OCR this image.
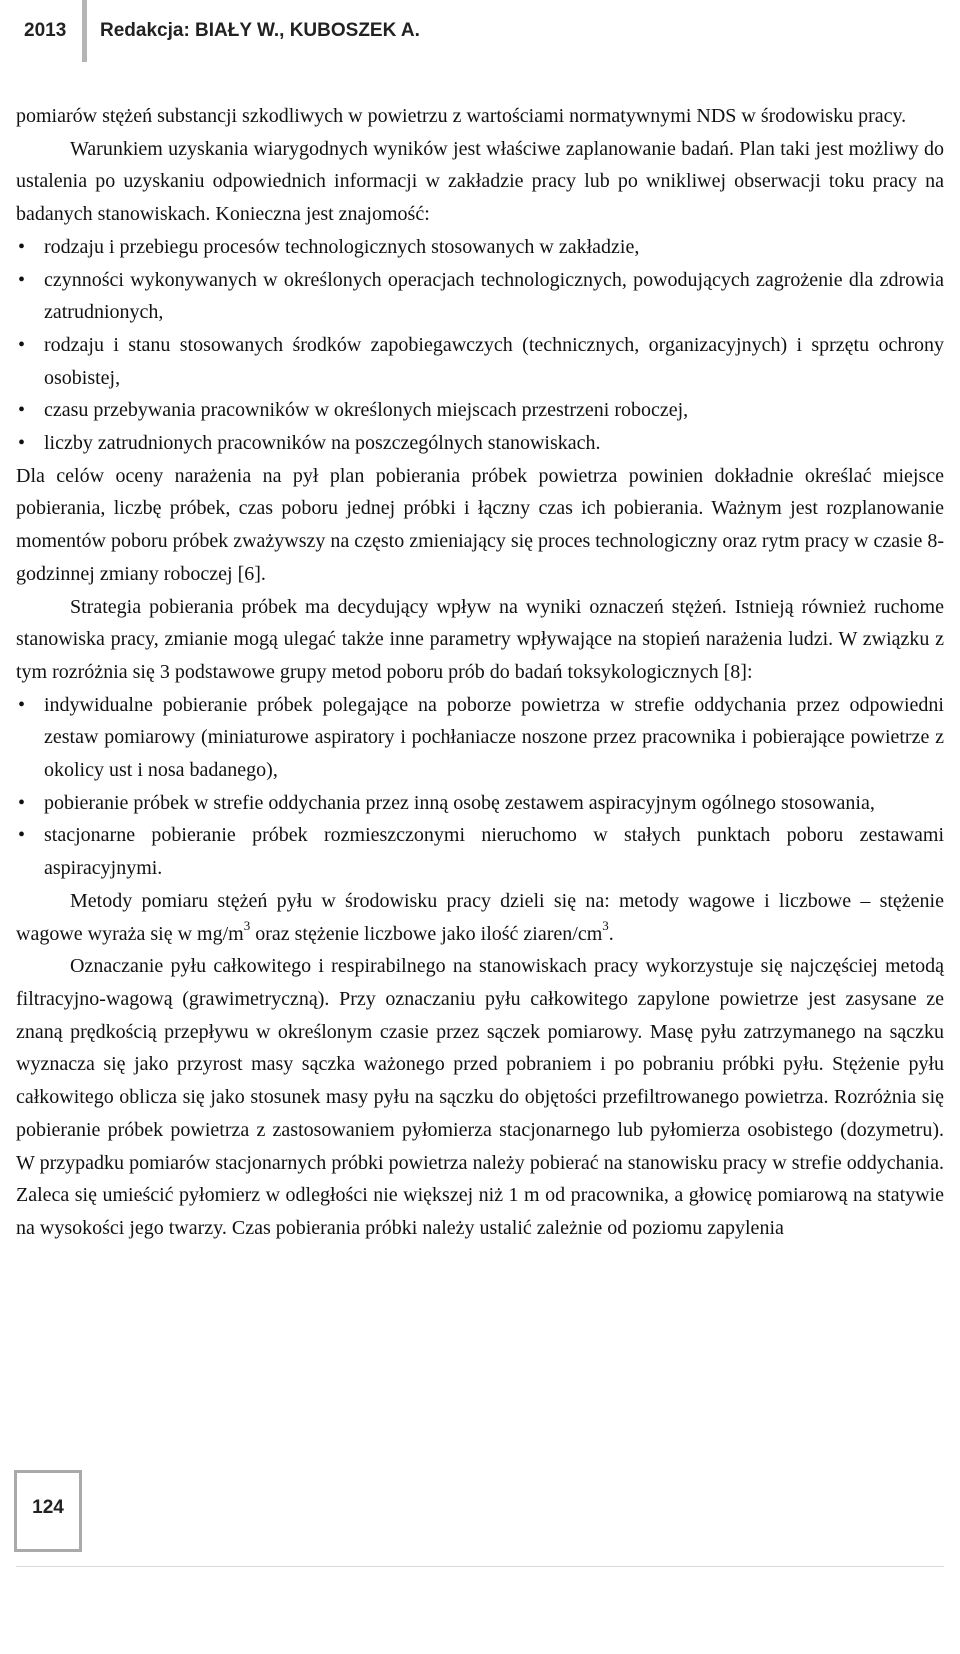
2013 Redakcja: BIAŁY W., KUBOSZEK A.

pomiarów stężeń substancji szkodliwych w powietrzu z wartościami normatywnymi NDS w środowisku pracy.

Warunkiem uzyskania wiarygodnych wyników jest właściwe zaplanowanie badań. Plan taki jest możliwy do ustalenia po uzyskaniu odpowiednich informacji w zakładzie pracy lub po wnikliwej obserwacji toku pracy na badanych stanowiskach. Konieczna jest znajomość:

• rodzaju i przebiegu procesów technologicznych stosowanych w zakładzie,
• czynności wykonywanych w określonych operacjach technologicznych, powodujących zagrożenie dla zdrowia zatrudnionych,
• rodzaju i stanu stosowanych środków zapobiegawczych (technicznych, organizacyjnych) i sprzętu ochrony osobistej,
• czasu przebywania pracowników w określonych miejscach przestrzeni roboczej,
• liczby zatrudnionych pracowników na poszczególnych stanowiskach.

Dla celów oceny narażenia na pył plan pobierania próbek powietrza powinien dokładnie określać miejsce pobierania, liczbę próbek, czas poboru jednej próbki i łączny czas ich pobierania. Ważnym jest rozplanowanie momentów poboru próbek zważywszy na często zmieniający się proces technologiczny oraz rytm pracy w czasie 8-godzinnej zmiany roboczej [6].

Strategia pobierania próbek ma decydujący wpływ na wyniki oznaczeń stężeń. Istnieją również ruchome stanowiska pracy, zmianie mogą ulegać także inne parametry wpływające na stopień narażenia ludzi. W związku z tym rozróżnia się 3 podstawowe grupy metod poboru prób do badań toksykologicznych [8]:

• indywidualne pobieranie próbek polegające na poborze powietrza w strefie oddychania przez odpowiedni zestaw pomiarowy (miniaturowe aspiratory i pochłaniacze noszone przez pracownika i pobierające powietrze z okolicy ust i nosa badanego),
• pobieranie próbek w strefie oddychania przez inną osobę zestawem aspiracyjnym ogólnego stosowania,
• stacjonarne pobieranie próbek rozmieszczonymi nieruchomo w stałych punktach poboru zestawami aspiracyjnymi.

Metody pomiaru stężeń pyłu w środowisku pracy dzieli się na: metody wagowe i liczbowe – stężenie wagowe wyraża się w $mg/m^3$ oraz stężenie liczbowe jako ilość ziaren/$cm^3$.

Oznaczanie pyłu całkowitego i respirabilnego na stanowiskach pracy wykorzystuje się najczęściej metodą filtracyjno-wagową (grawimetryczną). Przy oznaczaniu pyłu całkowitego zapylone powietrze jest zasysane ze znaną prędkością przepływu w określonym czasie przez sączek pomiarowy. Masę pyłu zatrzymanego na sączku wyznacza się jako przyrost masy sączka ważonego przed pobraniem i po pobraniu próbki pyłu. Stężenie pyłu całkowitego oblicza się jako stosunek masy pyłu na sączku do objętości przefiltrowanego powietrza. Rozróżnia się pobieranie próbek powietrza z zastosowaniem pyłomierza stacjonarnego lub pyłomierza osobistego (dozymetru). W przypadku pomiarów stacjonarnych próbki powietrza należy pobierać na stanowisku pracy w strefie oddychania. Zaleca się umieścić pyłomierz w odległości nie większej niż 1 m od pracownika, a głowicę pomiarową na statywie na wysokości jego twarzy. Czas pobierania próbki należy ustalić zależnie od poziomu zapylenia

124
